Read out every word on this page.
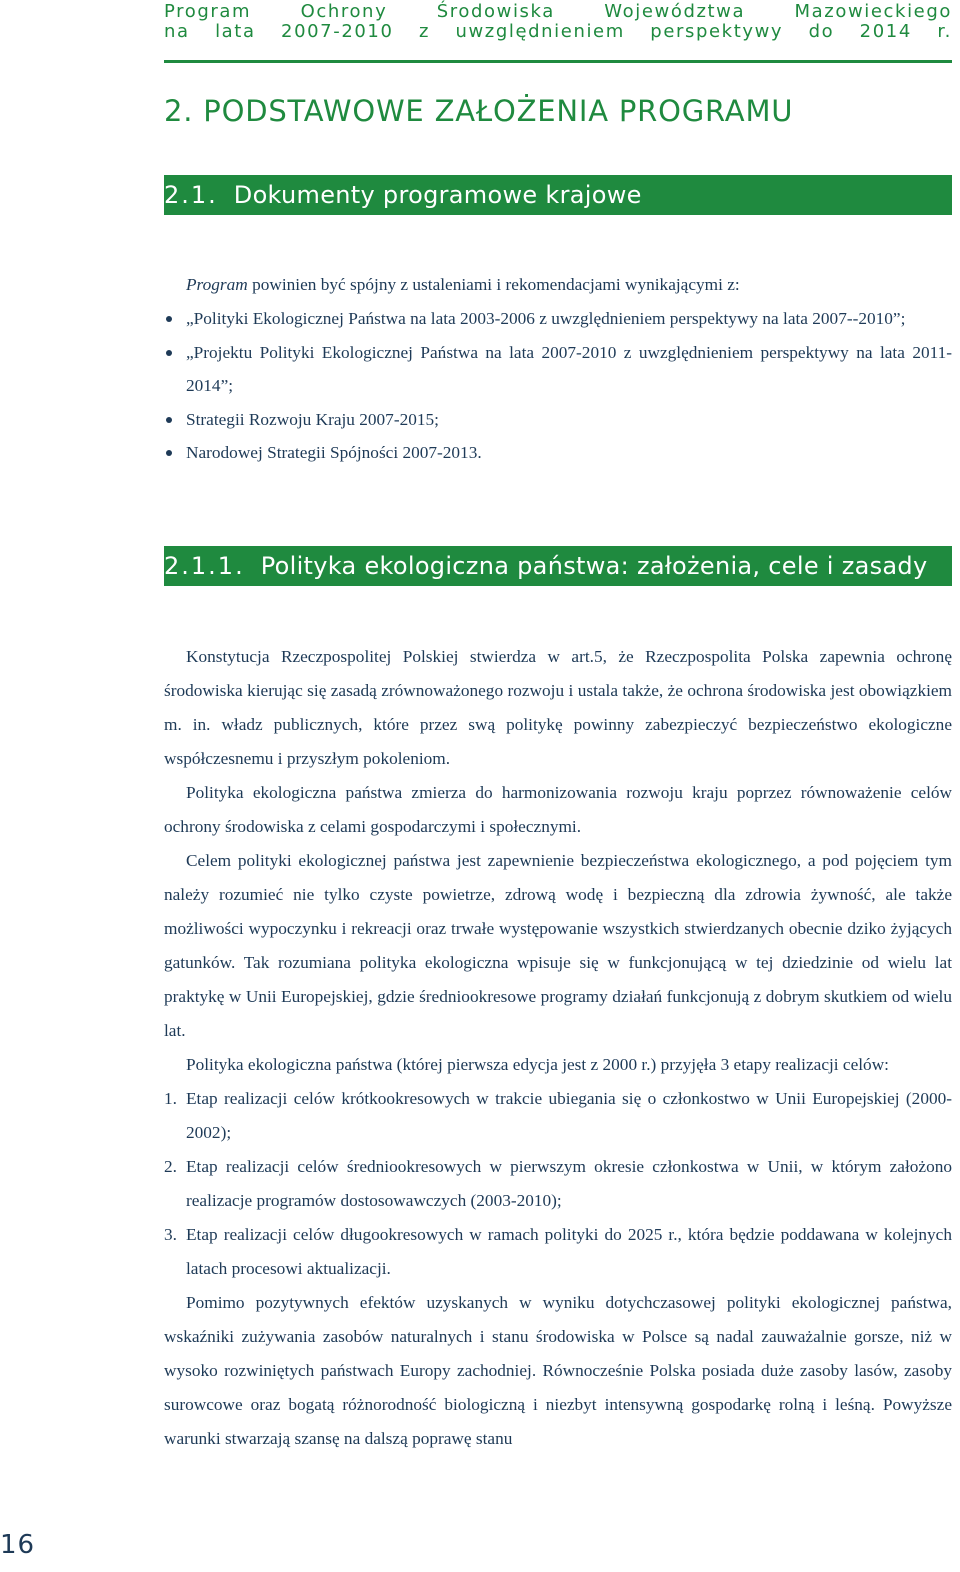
Program Ochrony Środowiska Województwa Mazowieckiego
na lata 2007-2010 z uwzględnieniem perspektywy do 2014 r.
2. PODSTAWOWE ZAŁOŻENIA PROGRAMU
2.1. Dokumenty programowe krajowe
Program powinien być spójny z ustaleniami i rekomendacjami wynikającymi z:
„Polityki Ekologicznej Państwa na lata 2003-2006 z uwzględnieniem perspektywy na lata 2007--2010”;
„Projektu Polityki Ekologicznej Państwa na lata 2007-2010 z uwzględnieniem perspektywy na lata 2011-2014”;
Strategii Rozwoju Kraju 2007-2015;
Narodowej Strategii Spójności 2007-2013.
2.1.1. Polityka ekologiczna państwa: założenia, cele i zasady

Konstytucja Rzeczpospolitej Polskiej stwierdza w art.5, że Rzeczpospolita Polska zapewnia ochronę środowiska kierując się zasadą zrównoważonego rozwoju i ustala także, że ochrona środowiska jest obowiązkiem m. in. władz publicznych, które przez swą politykę powinny zabezpieczyć bezpieczeństwo ekologiczne współczesnemu i przyszłym pokoleniom.

Polityka ekologiczna państwa zmierza do harmonizowania rozwoju kraju poprzez równoważenie celów ochrony środowiska z celami gospodarczymi i społecznymi.

Celem polityki ekologicznej państwa jest zapewnienie bezpieczeństwa ekologicznego, a pod pojęciem tym należy rozumieć nie tylko czyste powietrze, zdrową wodę i bezpieczną dla zdrowia żywność, ale także możliwości wypoczynku i rekreacji oraz trwałe występowanie wszystkich stwierdzanych obecnie dziko żyjących gatunków. Tak rozumiana polityka ekologiczna wpisuje się w funkcjonującą w tej dziedzinie od wielu lat praktykę w Unii Europejskiej, gdzie średniookresowe programy działań funkcjonują z dobrym skutkiem od wielu lat.

Polityka ekologiczna państwa (której pierwsza edycja jest z 2000 r.) przyjęła 3 etapy realizacji celów:

1. Etap realizacji celów krótkookresowych w trakcie ubiegania się o członkostwo w Unii Europejskiej (2000-2002);
2. Etap realizacji celów średniookresowych w pierwszym okresie członkostwa w Unii, w którym założono realizacje programów dostosowawczych (2003-2010);
3. Etap realizacji celów długookresowych w ramach polityki do 2025 r., która będzie poddawana w kolejnych latach procesowi aktualizacji.

Pomimo pozytywnych efektów uzyskanych w wyniku dotychczasowej polityki ekologicznej państwa, wskaźniki zużywania zasobów naturalnych i stanu środowiska w Polsce są nadal zauważalnie gorsze, niż w wysoko rozwiniętych państwach Europy zachodniej. Równocześnie Polska posiada duże zasoby lasów, zasoby surowcowe oraz bogatą różnorodność biologiczną i niezbyt intensywną gospodarkę rolną i leśną. Powyższe warunki stwarzają szansę na dalszą poprawę stanu

16
